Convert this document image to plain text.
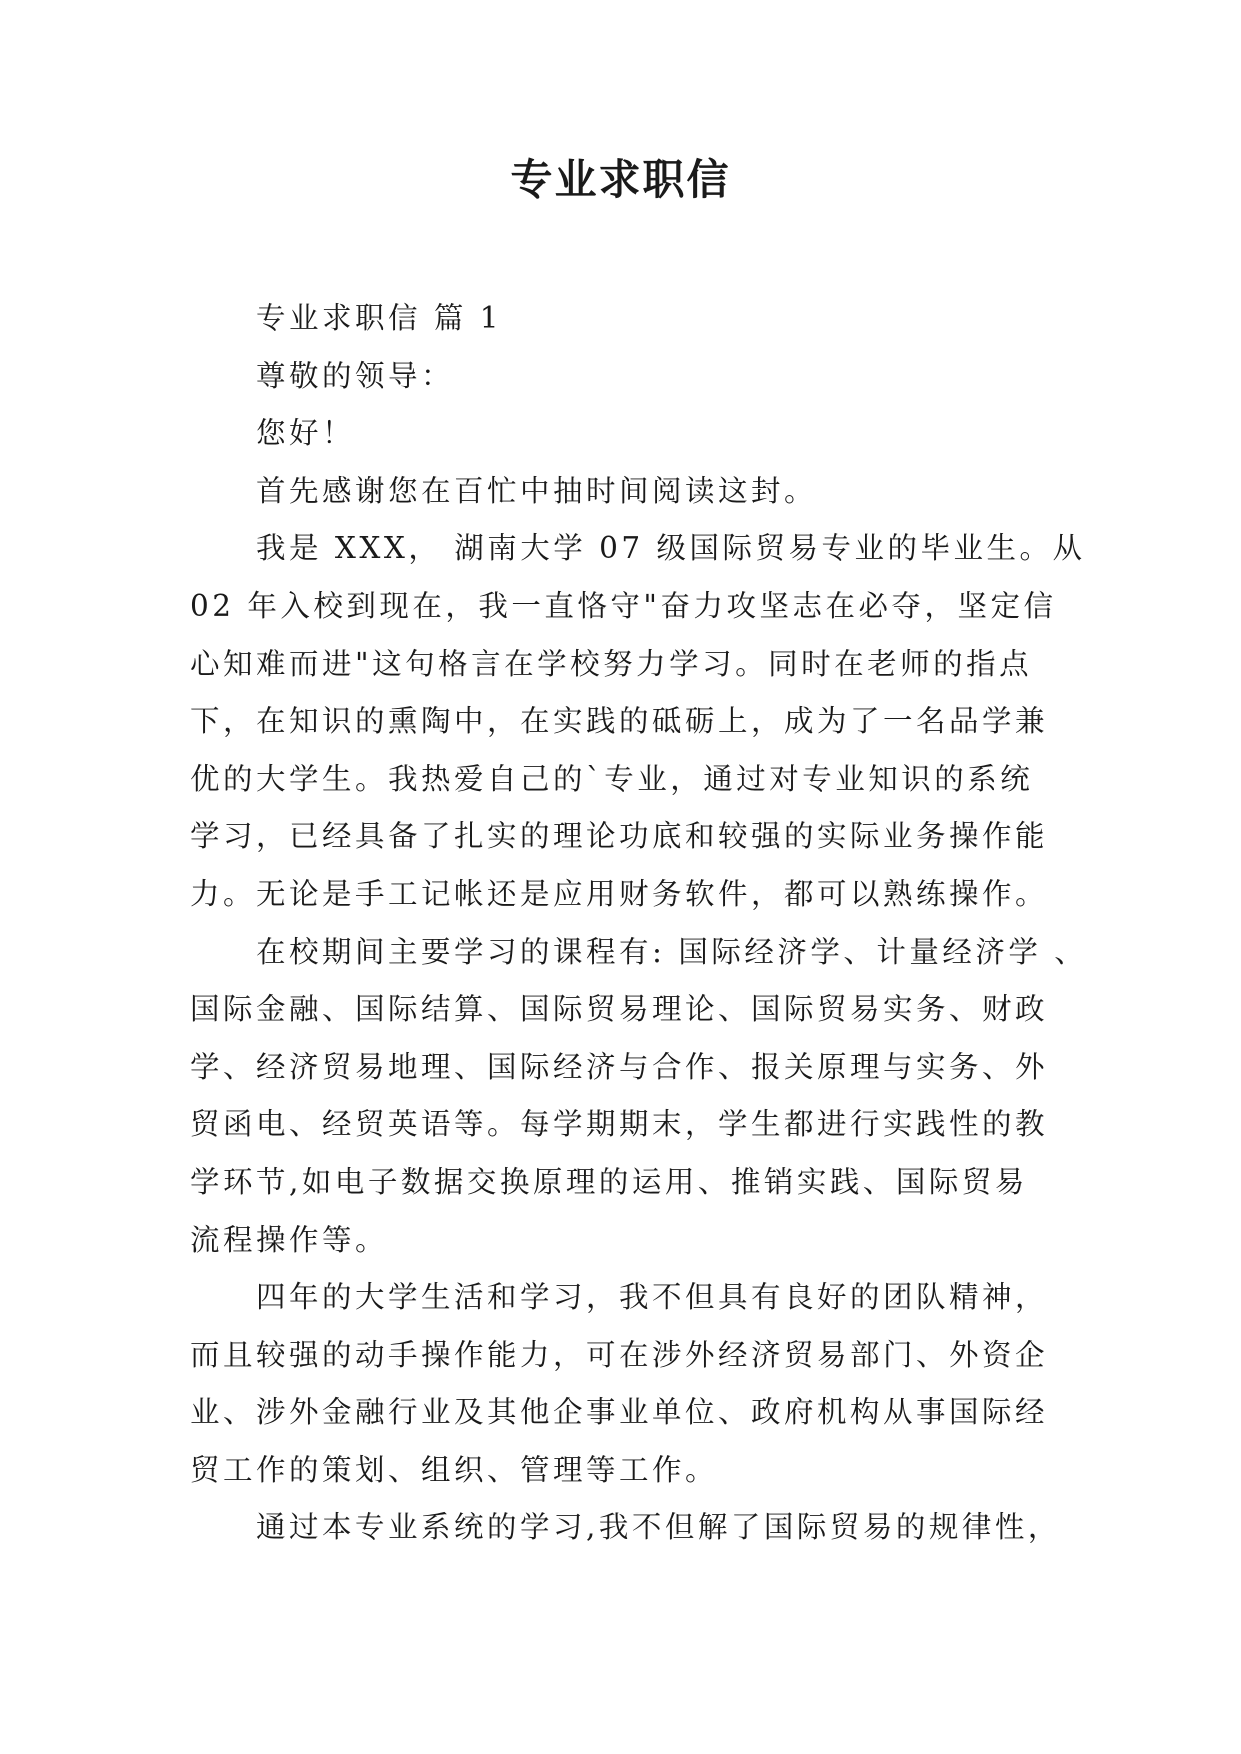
专业求职信
专业求职信 篇 1
尊敬的领导：
您好！
首先感谢您在百忙中抽时间阅读这封。
我是 XXX， 湖南大学 07 级国际贸易专业的毕业生。从
02 年入校到现在，我一直恪守"奋力攻坚志在必夺，坚定信
心知难而进"这句格言在学校努力学习。同时在老师的指点
下，在知识的熏陶中，在实践的砥砺上，成为了一名品学兼
优的大学生。我热爱自己的`专业，通过对专业知识的系统
学习，已经具备了扎实的理论功底和较强的实际业务操作能
力。无论是手工记帐还是应用财务软件，都可以熟练操作。
在校期间主要学习的课程有: 国际经济学、计量经济学 、
国际金融、国际结算、国际贸易理论、国际贸易实务、财政
学、经济贸易地理、国际经济与合作、报关原理与实务、外
贸函电、经贸英语等。每学期期末，学生都进行实践性的教
学环节,如电子数据交换原理的运用、推销实践、国际贸易
流程操作等。
四年的大学生活和学习，我不但具有良好的团队精神，
而且较强的动手操作能力，可在涉外经济贸易部门、外资企
业、涉外金融行业及其他企事业单位、政府机构从事国际经
贸工作的策划、组织、管理等工作。
通过本专业系统的学习,我不但解了国际贸易的规律性，
